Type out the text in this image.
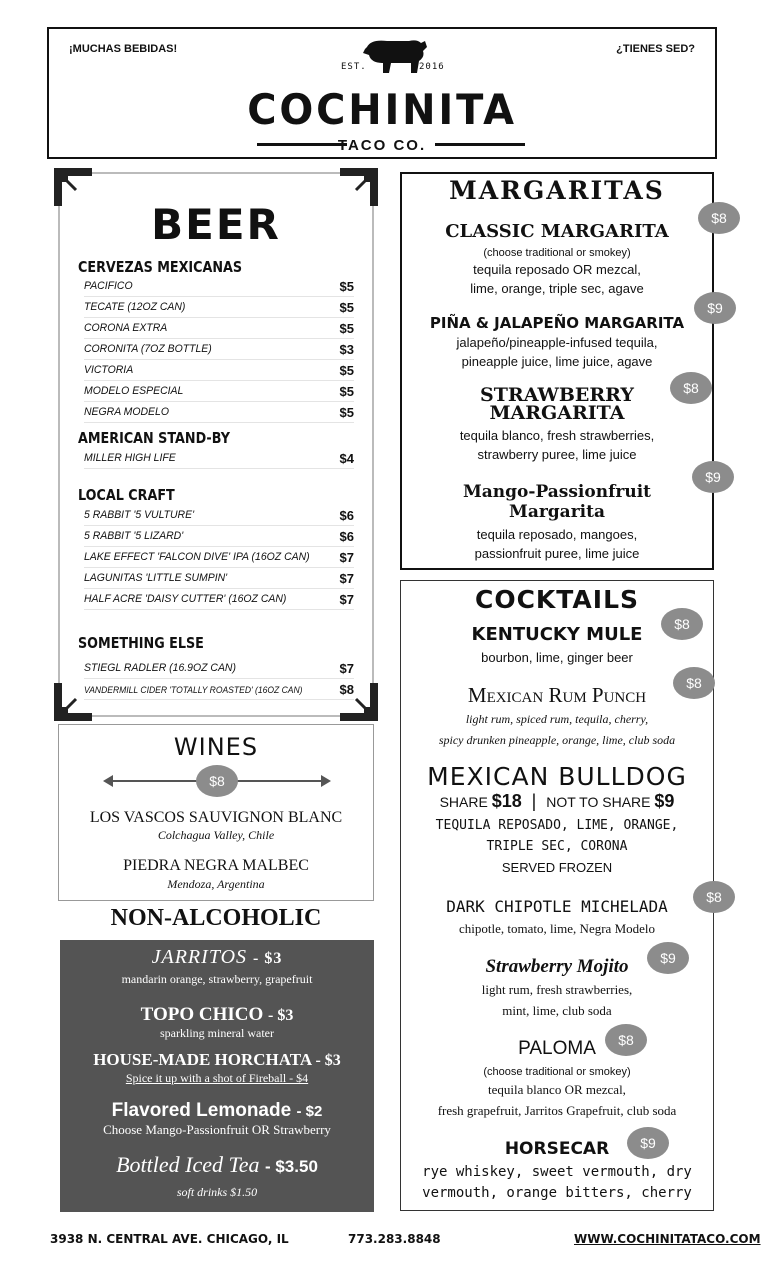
¡MUCHAS BEBIDAS!	¿TIENES SED?
EST.	2016
COCHINITA
TACO CO.
BEER
CERVEZAS MEXICANAS
PACIFICO	$5
TECATE (12OZ CAN)	$5
CORONA EXTRA	$5
CORONITA (7OZ BOTTLE)	$3
VICTORIA	$5
MODELO ESPECIAL	$5
NEGRA MODELO	$5
AMERICAN STAND-BY
MILLER HIGH LIFE	$4
LOCAL CRAFT
5 RABBIT '5 VULTURE'	$6
5 RABBIT '5 LIZARD'	$6
LAKE EFFECT 'FALCON DIVE' IPA (16OZ CAN) $7
LAGUNITAS 'LITTLE SUMPIN'	$7
HALF ACRE 'DAISY CUTTER' (16OZ CAN)	$7
SOMETHING ELSE
STIEGL RADLER (16.9OZ CAN)	$7
VANDERMILL CIDER 'TOTALLY ROASTED' (16OZ CAN)	$8
WINES
$8
LOS VASCOS SAUVIGNON BLANC
Colchagua Valley, Chile
PIEDRA NEGRA MALBEC
Mendoza, Argentina
NON-ALCOHOLIC
JARRITOS - $3
mandarin orange, strawberry, grapefruit
TOPO CHICO - $3
sparkling mineral water
HOUSE-MADE HORCHATA - $3
Spice it up with a shot of Fireball - $4
Flavored Lemonade - $2
Choose Mango-Passionfruit OR Strawberry
Bottled Iced Tea - $3.50
soft drinks $1.50
MARGARITAS
CLASSIC MARGARITA
$8
(choose traditional or smokey)
tequila reposado OR mezcal,
lime, orange, triple sec, agave
PIÑA & JALAPEÑO MARGARITA
$9
jalapeño/pineapple-infused tequila,
pineapple juice, lime juice, agave
STRAWBERRY MARGARITA
$8
tequila blanco, fresh strawberries,
strawberry puree, lime juice
Mango-Passionfruit Margarita
$9
tequila reposado, mangoes,
passionfruit puree, lime juice
COCKTAILS
KENTUCKY MULE	$8
bourbon, lime, ginger beer
Mexican Rum Punch	$8
light rum, spiced rum, tequila, cherry,
spicy drunken pineapple, orange, lime, club soda
MEXICAN BULLDOG
SHARE $18 | NOT TO SHARE $9
TEQUILA REPOSADO, LIME, ORANGE,
TRIPLE SEC, CORONA
SERVED FROZEN
DARK CHIPOTLE MICHELADA	$8
chipotle, tomato, lime, Negra Modelo
Strawberry Mojito	$9
light rum, fresh strawberries,
mint, lime, club soda
PALOMA	$8
(choose traditional or smokey)
tequila blanco OR mezcal,
fresh grapefruit, Jarritos Grapefruit, club soda
HORSECAR	$9
rye whiskey, sweet vermouth, dry
vermouth, orange bitters, cherry
3938 N. CENTRAL AVE. CHICAGO, IL	773.283.8848	WWW.COCHINITATACO.COM
